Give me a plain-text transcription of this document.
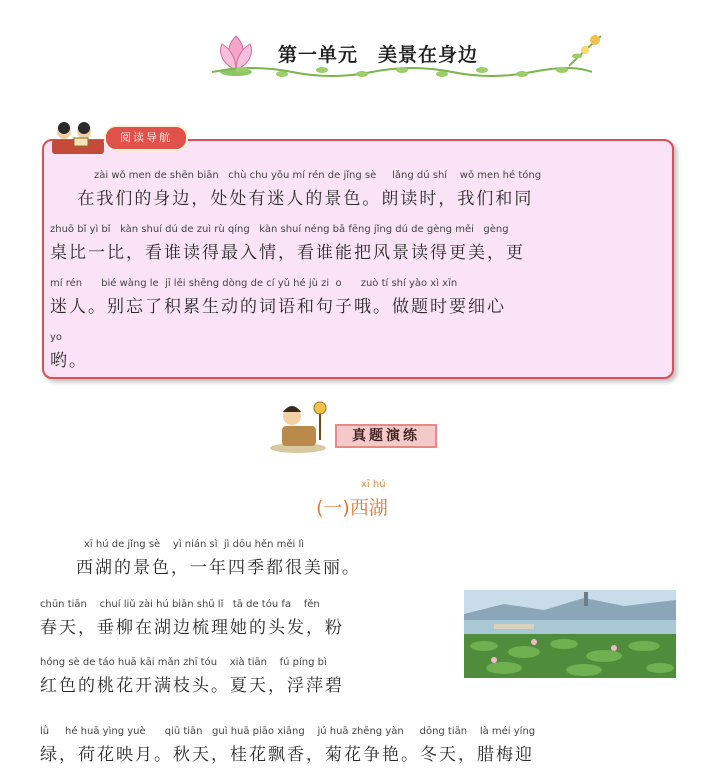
第一单元　美景在身边
阅读导航
zài wǒ men de shēn biān   chù chu yǒu mí rén de jǐng sè     lǎng dú shí    wǒ men hé tóng
在我们的身边，处处有迷人的景色。朗读时，我们和同
zhuō bǐ yì bǐ   kàn shuí dú de zuì rù qíng   kàn shuí néng bǎ fēng jǐng dú de gèng měi   gèng
桌比一比，看谁读得最入情，看谁能把风景读得更美，更
mí rén      bié wàng le  jī lěi shēng dòng de cí yǔ hé jù zi  o      zuò tí shí yào xì xīn
迷人。别忘了积累生动的词语和句子哦。做题时要细心
yo
哟。
真题演练
xī hú
(一)西湖
xī hú de jǐng sè    yì nián sì  jì dōu hěn měi lì
西湖的景色，一年四季都很美丽。
chūn tiān    chuí liǔ zài hú biān shū lǐ   tā de tóu fa    fěn
春天，垂柳在湖边梳理她的头发，粉
hóng sè de táo huā kāi mǎn zhī tóu    xià tiān    fú píng bì
红色的桃花开满枝头。夏天，浮萍碧
lǜ     hé huā yìng yuè      qiū tiān   guì huā piāo xiāng    jú huā zhēng yàn     dōng tiān    là méi yíng
绿，荷花映月。秋天，桂花飘香，菊花争艳。冬天，腊梅迎
